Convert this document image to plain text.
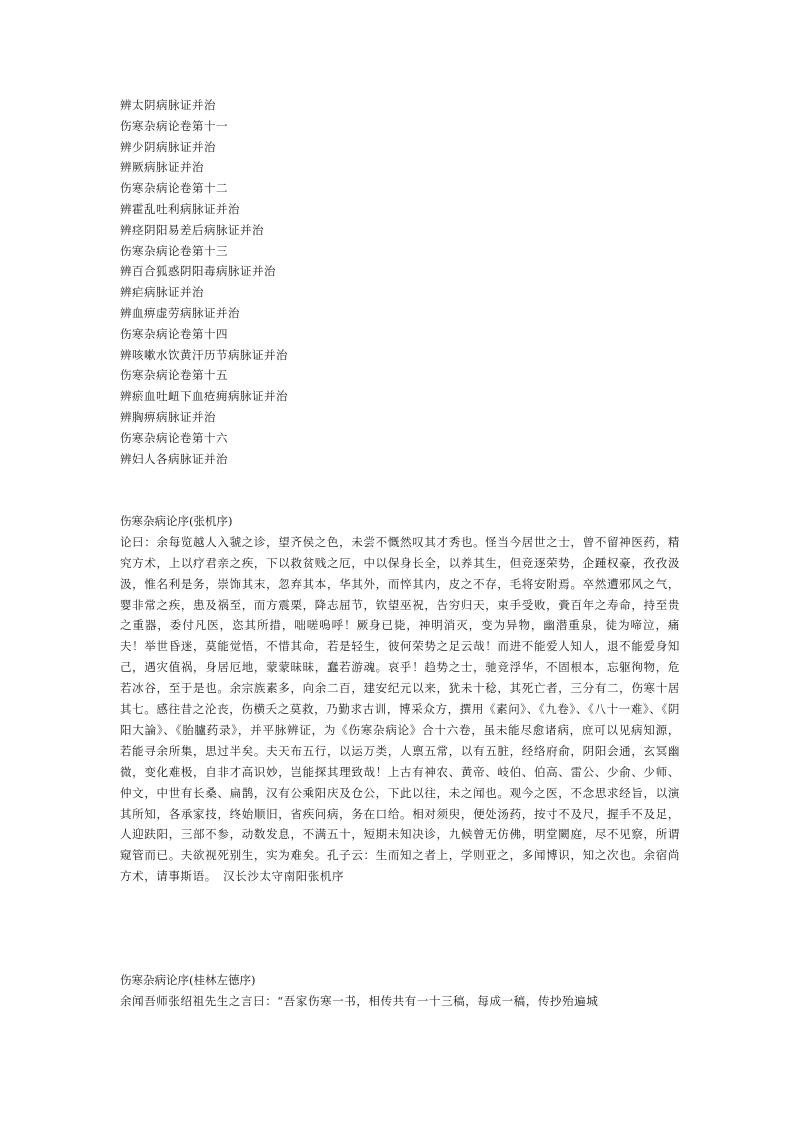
辨太阴病脉证并治
伤寒杂病论卷第十一
辨少阴病脉证并治
辨厥病脉证并治
伤寒杂病论卷第十二
辨霍乱吐利病脉证并治
辨痉阴阳易差后病脉证并治
伤寒杂病论卷第十三
辨百合狐惑阴阳毒病脉证并治
辨疟病脉证并治
辨血痹虚劳病脉证并治
伤寒杂病论卷第十四
辨咳嗽水饮黄汗历节病脉证并治
伤寒杂病论卷第十五
辨瘀血吐衄下血疮痈病脉证并治
辨胸痹病脉证并治
伤寒杂病论卷第十六
辨妇人各病脉证并治
伤寒杂病论序(张机序)

论曰：余每览越人入虢之诊，望齐侯之色，未尝不慨然叹其才秀也。怪当今居世之士，曾不留神医药，精究方术，上以疗君亲之疾，下以救贫贱之厄，中以保身长全，以养其生，但竞逐荣势，企踵权豪，孜孜汲汲，惟名利是务，崇饰其末，忽弃其本，华其外，而悴其内，皮之不存，毛将安附焉。卒然遭邪风之气，婴非常之疾，患及祸至，而方震栗，降志屈节，钦望巫祝，告穷归天，束手受败，賫百年之寿命，持至贵之重器，委付凡医，恣其所措，咄嗟嗚呼！厥身已毙，神明消灭，变为异物，幽潜重泉，徒为啼泣，痛夫！举世昏迷，莫能觉悟，不惜其命，若是轻生，彼何荣势之足云哉！而进不能爱人知人，退不能爱身知己，遇灾值祸，身居厄地，蒙蒙昧昧，蠢若游魂。哀乎！趋势之士，驰竞浮华，不固根本，忘躯徇物，危若冰谷，至于是也。余宗族素多，向余二百，建安纪元以来，犹未十稔，其死亡者，三分有二，伤寒十居其七。感往昔之沦丧，伤横夭之莫救，乃勤求古训，博采众方，撰用《素问》、《九卷》、《八十一难》、《阴阳大論》、《胎臚药录》，并平脉辨证，为《伤寒杂病论》合十六卷，虽未能尽愈诸病，庶可以见病知源，若能寻余所集，思过半矣。夫天布五行，以运万类，人禀五常，以有五脏，经络府俞，阴阳会通，玄冥幽微，变化难极，自非才高识妙，岂能探其理致哉！上古有神农、黄帝、岐伯、伯高、雷公、少俞、少师、仲文，中世有长桑、扁鹊，汉有公乘阳庆及仓公，下此以往，未之闻也。观今之医，不念思求经旨，以演其所知，各承家技，终始顺旧，省疾问病，务在口给。相对须臾，便处汤药，按寸不及尺，握手不及足，人迎趺阳，三部不参，动数发息，不满五十，短期未知决诊，九候曾无仿佛，明堂闕庭，尽不见察，所谓窥管而已。夫欲视死别生，实为难矣。孔子云：生而知之者上，学则亚之，多闻博识，知之次也。余宿尚方术，请事斯语。　汉长沙太守南阳张机序

伤寒杂病论序(桂林左德序)

余闻吾师张绍祖先生之言曰：“吾家伤寒一书，相传共有一十三稿，每成一稿，传抄殆遍城
